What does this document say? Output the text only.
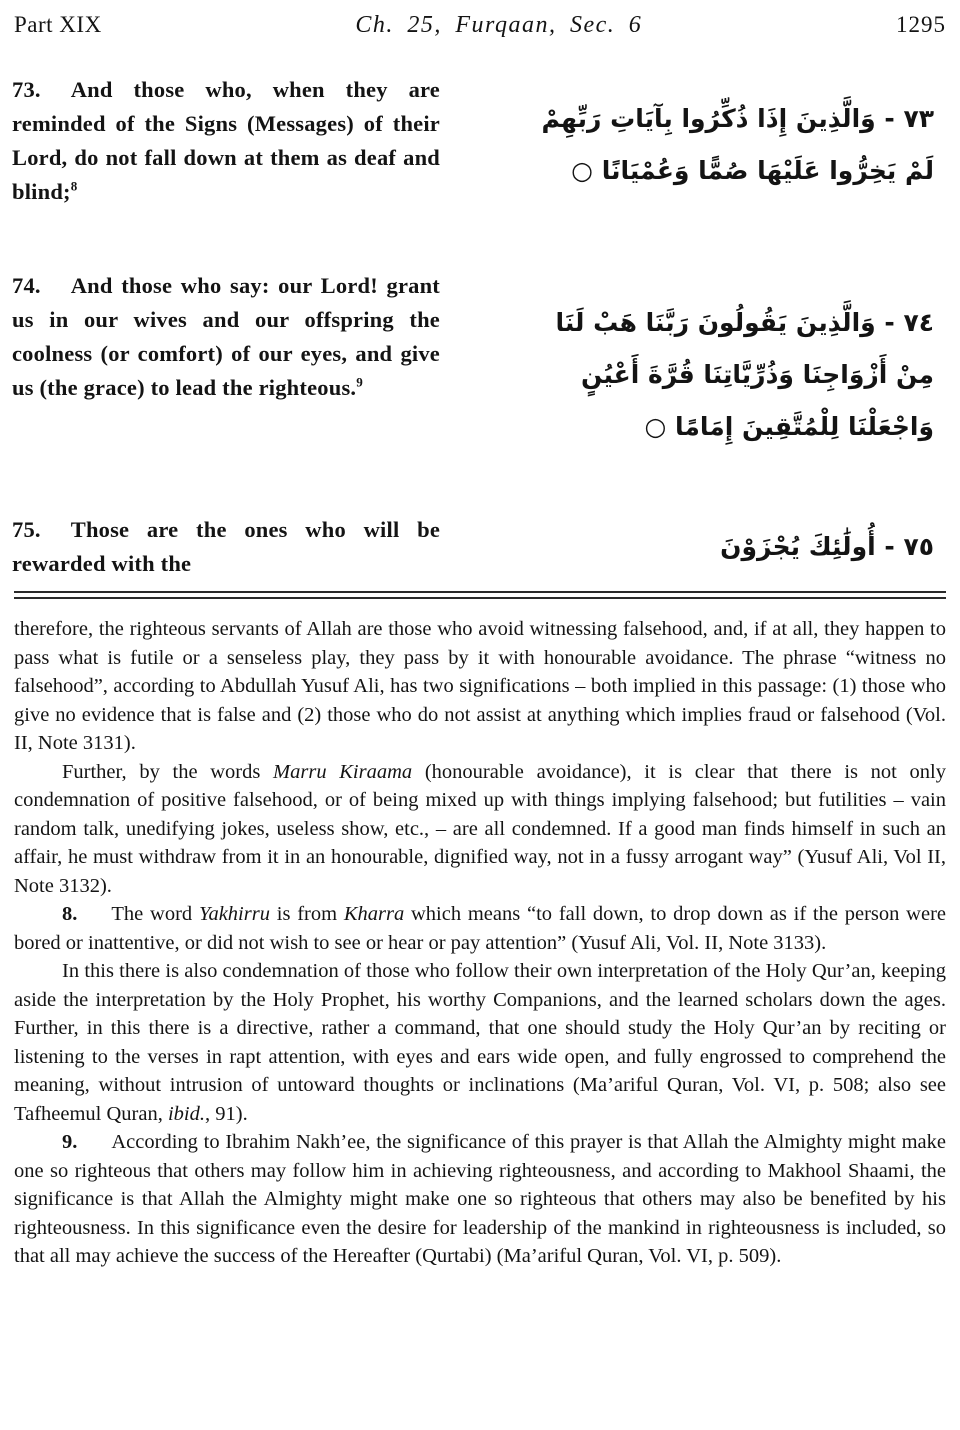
Part XIX	Ch. 25, Furqaan, Sec. 6	1295
73. And those who, when they are reminded of the Signs (Messages) of their Lord, do not fall down at them as deaf and blind;$^8$
٧٣ - وَالَّذِينَ إِذَا ذُكِّرُوا بِآيَاتِ رَبِّهِمْ
لَمْ يَخِرُّوا عَلَيْهَا صُمًّا وَعُمْيَانًا ○
74. And those who say: our Lord! grant us in our wives and our offspring the coolness (or comfort) of our eyes, and give us (the grace) to lead the righteous.$^9$
٧٤ - وَالَّذِينَ يَقُولُونَ رَبَّنَا هَبْ لَنَا
مِنْ أَزْوَاجِنَا وَذُرِّيَّاتِنَا قُرَّةَ أَعْيُنٍ
وَاجْعَلْنَا لِلْمُتَّقِينَ إِمَامًا ○
75. Those are the ones who will be rewarded with the
٧٥ - أُولَٰئِكَ يُجْزَوْنَ

therefore, the righteous servants of Allah are those who avoid witnessing falsehood, and, if at all, they happen to pass what is futile or a senseless play, they pass by it with honourable avoidance. The phrase “witness no falsehood”, according to Abdullah Yusuf Ali, has two significations – both implied in this passage: (1) those who give no evidence that is false and (2) those who do not assist at anything which implies fraud or falsehood (Vol. II, Note 3131).

Further, by the words Marru Kiraama (honourable avoidance), it is clear that there is not only condemnation of positive falsehood, or of being mixed up with things implying falsehood; but futilities – vain random talk, unedifying jokes, useless show, etc., – are all condemned. If a good man finds himself in such an affair, he must withdraw from it in an honourable, dignified way, not in a fussy arrogant way” (Yusuf Ali, Vol II, Note 3132).

8. The word Yakhirru is from Kharra which means “to fall down, to drop down as if the person were bored or inattentive, or did not wish to see or hear or pay attention” (Yusuf Ali, Vol. II, Note 3133).

In this there is also condemnation of those who follow their own interpretation of the Holy Qur’an, keeping aside the interpretation by the Holy Prophet, his worthy Companions, and the learned scholars down the ages. Further, in this there is a directive, rather a command, that one should study the Holy Qur’an by reciting or listening to the verses in rapt attention, with eyes and ears wide open, and fully engrossed to comprehend the meaning, without intrusion of untoward thoughts or inclinations (Ma’ariful Quran, Vol. VI, p. 508; also see Tafheemul Quran, ibid., 91).

9. According to Ibrahim Nakh’ee, the significance of this prayer is that Allah the Almighty might make one so righteous that others may follow him in achieving righteousness, and according to Makhool Shaami, the significance is that Allah the Almighty might make one so righteous that others may also be benefited by his righteousness. In this significance even the desire for leadership of the mankind in righteousness is included, so that all may achieve the success of the Hereafter (Qurtabi) (Ma’ariful Quran, Vol. VI, p. 509).
